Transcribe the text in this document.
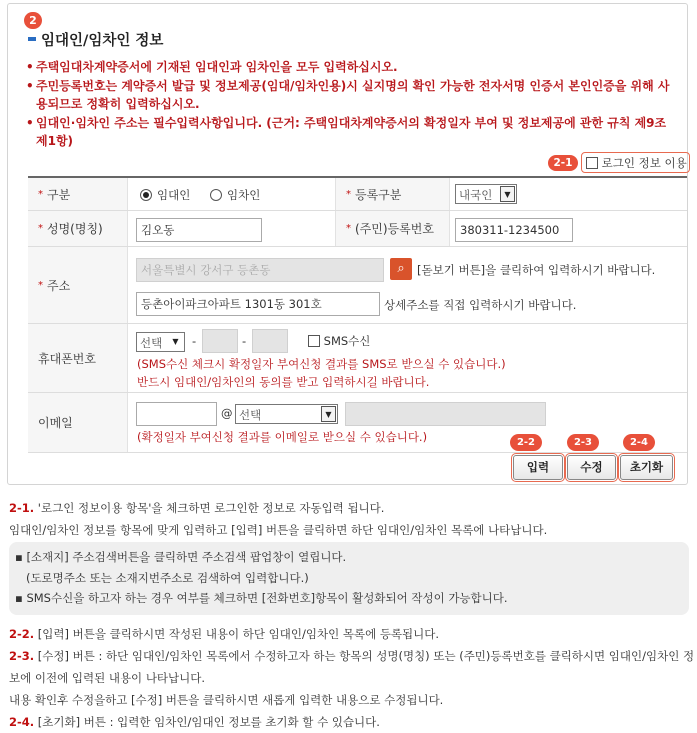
2
임대인/임차인 정보
• 주택임대차계약증서에 기재된 임대인과 임차인을 모두 입력하십시오.
• 주민등록번호는 계약증서 발급 및 정보제공(임대/임차인용)시 실지명의 확인 가능한 전자서명 인증서 본인인증을 위해 사용되므로 정확히 입력하십시오.
• 임대인·임차인 주소는 필수입력사항입니다. (근거: 주택임대차계약증서의 확정일자 부여 및 정보제공에 관한 규칙 제9조 제1항)
2-1	로그인 정보 이용
* 구분	임대인	임차인	* 등록구분	내국인	▼
* 성명(명칭)	김오동	* (주민)등록번호	380311-1234500
* 주소
서울특별시 강서구 등촌동	⌕	[돋보기 버튼]을 클릭하여 입력하시기 바랍니다.
등촌아이파크아파트 1301동 301호	상세주소를 직접 입력하시기 바랍니다.
휴대폰번호
선택	▼	-	-	SMS수신
(SMS수신 체크시 확정일자 부여신청 결과를 SMS로 받으실 수 있습니다.)
반드시 임대인/임차인의 동의를 받고 입력하시길 바랍니다.
이메일
@ 선택	▼
(확정일자 부여신청 결과를 이메일로 받으실 수 있습니다.)	2-2
입력
2-3
수정
2-4
초기화
2-1. '로그인 정보이용 항목'을 체크하면 로그인한 정보로 자동입력 됩니다.
임대인/임차인 정보를 항목에 맞게 입력하고 [입력] 버튼을 클릭하면 하단 임대인/임차인 목록에 나타납니다.
▪ [소재지] 주소검색버튼을 클릭하면 주소검색 팝업창이 열립니다.
(도로명주소 또는 소재지번주소로 검색하여 입력합니다.)
▪ SMS수신을 하고자 하는 경우 여부를 체크하면 [전화번호]항목이 활성화되어 작성이 가능합니다.
2-2. [입력] 버튼을 클릭하시면 작성된 내용이 하단 임대인/임차인 목록에 등록됩니다.
2-3. [수정] 버튼 : 하단 임대인/임차인 목록에서 수정하고자 하는 항목의 성명(명칭) 또는 (주민)등록번호를 클릭하시면 임대인/임차인 정보에 이전에 입력된 내용이 나타납니다.
내용 확인후 수정을하고 [수정] 버튼을 클릭하시면 새롭게 입력한 내용으로 수정됩니다.
2-4. [초기화] 버튼 : 입력한 임차인/임대인 정보를 초기화 할 수 있습니다.
